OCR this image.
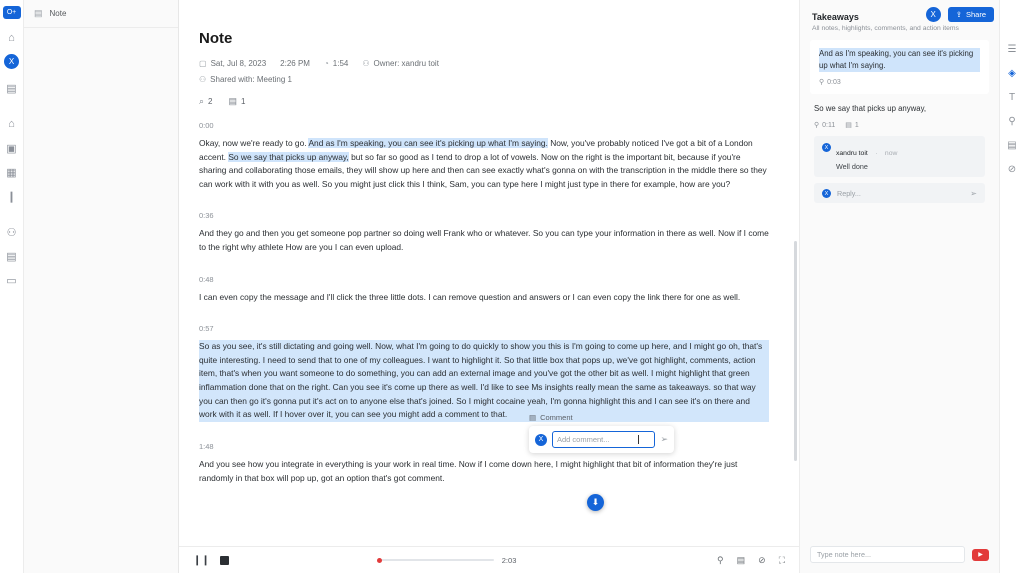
O+
⌂
X
▤
⌂
▣
▦
❙
⚇
▤
▭
▤ Note
Note
▢ Sat, Jul 8, 2023 2:26 PM ◔ 1:54 ⚇ Owner: xandru toit
⚇ Shared with: Meeting 1
⌕ 2 ▤ 1
0:00
Okay, now we're ready to go. And as I'm speaking, you can see it's picking up what I'm saying. Now, you've probably noticed I've got a bit of a London accent. So we say that picks up anyway, but so far so good as I tend to drop a lot of vowels. Now on the right is the important bit, because if you're sharing and collaborating those emails, they will show up here and then can see exactly what's gonna on with the transcription in the middle there so they can work with it with you as well. So you might just click this I think, Sam, you can type here I might just type in there for example, how are you?
0:36
And they go and then you get someone pop partner so doing well Frank who or whatever. So you can type your information in there as well. Now if I come to the right why athlete How are you I can even upload.
0:48
I can even copy the message and I'll click the three little dots. I can remove question and answers or I can even copy the link there for one as well.
0:57
So as you see, it's still dictating and going well. Now, what I'm going to do quickly to show you this is I'm going to come up here, and I might go oh, that's quite interesting. I need to send that to one of my colleagues. I want to highlight it. So that little box that pops up, we've got highlight, comments, action item, that's when you want someone to do something, you can add an external image and you've got the other bit as well. I might highlight that green inflammation done that on the right. Can you see it's come up there as well. I'd like to see Ms insights really mean the same as takeaways. so that way you can then go it's gonna put it's act on to anyone else that's joined. So I might cocaine yeah, I'm gonna highlight this and I can see it's on there and work with it as well. If I hover over it, you can see you might add a comment to that.
1:48
And you see how you integrate in everything is your work in real time. Now if I come down here, I might highlight that bit of information they're just randomly in that box will pop up, got an option that's got comment.
▤ Comment
X	Add comment...	➢
⬇
❙❙	2:03	⚲ ▤ ⊘ ⛶
Takeaways
All notes, highlights, comments, and action items
And as I'm speaking, you can see it's picking up what I'm saying.
⚲ 0:03
So we say that picks up anyway,
⚲ 0:11 ▤ 1
X
xandru toit · now
Well done
X	Reply...	➢
Type note here...	▶
☰
◈
T
⚲
▤
⊘
X	⇪ Share
